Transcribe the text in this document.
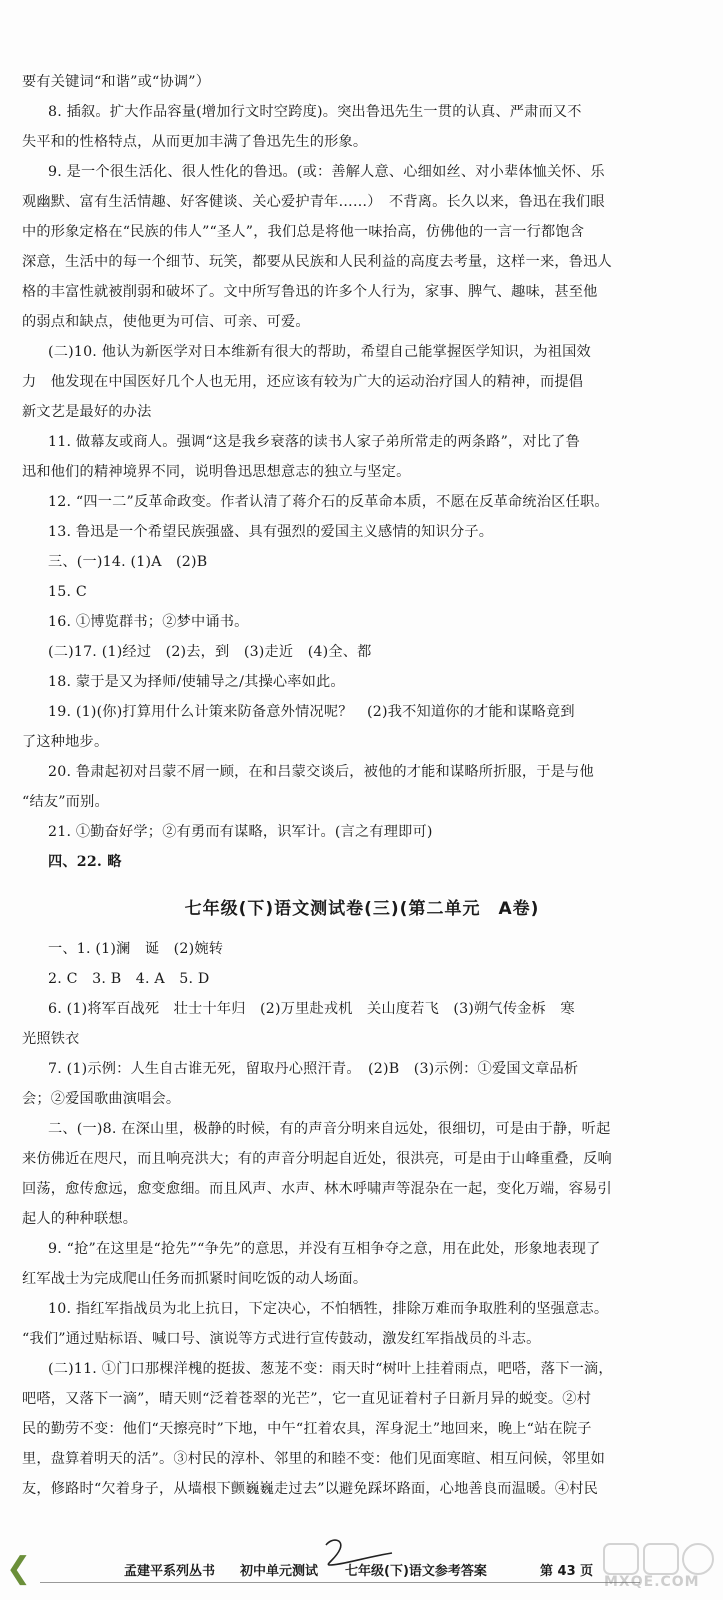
要有关键词“和谐”或“协调”）
8. 插叙。扩大作品容量(增加行文时空跨度)。突出鲁迅先生一贯的认真、严肃而又不
失平和的性格特点，从而更加丰满了鲁迅先生的形象。
9. 是一个很生活化、很人性化的鲁迅。(或：善解人意、心细如丝、对小辈体恤关怀、乐
观幽默、富有生活情趣、好客健谈、关心爱护青年……）　不背离。长久以来，鲁迅在我们眼
中的形象定格在“民族的伟人”“圣人”，我们总是将他一味抬高，仿佛他的一言一行都饱含
深意，生活中的每一个细节、玩笑，都要从民族和人民利益的高度去考量，这样一来，鲁迅人
格的丰富性就被削弱和破坏了。文中所写鲁迅的许多个人行为，家事、脾气、趣味，甚至他
的弱点和缺点，使他更为可信、可亲、可爱。
(二)10. 他认为新医学对日本维新有很大的帮助，希望自己能掌握医学知识，为祖国效
力　他发现在中国医好几个人也无用，还应该有较为广大的运动治疗国人的精神，而提倡
新文艺是最好的办法
11. 做幕友或商人。强调“这是我乡衰落的读书人家子弟所常走的两条路”，对比了鲁
迅和他们的精神境界不同，说明鲁迅思想意志的独立与坚定。
12. “四一二”反革命政变。作者认清了蒋介石的反革命本质，不愿在反革命统治区任职。
13. 鲁迅是一个希望民族强盛、具有强烈的爱国主义感情的知识分子。
三、(一)14. (1)A　(2)B
15. C
16. ①博览群书；②梦中诵书。
(二)17. (1)经过　(2)去，到　(3)走近　(4)全、都
18. 蒙于是又为择师/使辅导之/其操心率如此。
19. (1)(你)打算用什么计策来防备意外情况呢？　(2)我不知道你的才能和谋略竟到
了这种地步。
20. 鲁肃起初对吕蒙不屑一顾，在和吕蒙交谈后，被他的才能和谋略所折服，于是与他
“结友”而别。
21. ①勤奋好学；②有勇而有谋略，识军计。(言之有理即可)
四、22. 略
七年级(下)语文测试卷(三)(第二单元　A卷)
一、1. (1)澜　诞　(2)婉转
2. C　3. B　4. A　5. D
6. (1)将军百战死　壮士十年归　(2)万里赴戎机　关山度若飞　(3)朔气传金柝　寒
光照铁衣
7. (1)示例：人生自古谁无死，留取丹心照汗青。　(2)B　(3)示例：①爱国文章品析
会；②爱国歌曲演唱会。
二、(一)8. 在深山里，极静的时候，有的声音分明来自远处，很细切，可是由于静，听起
来仿佛近在咫尺，而且响亮洪大；有的声音分明起自近处，很洪亮，可是由于山峰重叠，反响
回荡，愈传愈远，愈变愈细。而且风声、水声、林木呼啸声等混杂在一起，变化万端，容易引
起人的种种联想。
9. “抢”在这里是“抢先”“争先”的意思，并没有互相争夺之意，用在此处，形象地表现了
红军战士为完成爬山任务而抓紧时间吃饭的动人场面。
10. 指红军指战员为北上抗日，下定决心，不怕牺牲，排除万难而争取胜利的坚强意志。
“我们”通过贴标语、喊口号、演说等方式进行宣传鼓动，激发红军指战员的斗志。
(二)11. ①门口那棵洋槐的挺拔、葱茏不变：雨天时“树叶上挂着雨点，吧嗒，落下一滴，
吧嗒，又落下一滴”，晴天则“泛着苍翠的光芒”，它一直见证着村子日新月异的蜕变。②村
民的勤劳不变：他们“天擦亮时”下地，中午“扛着农具，浑身泥土”地回来，晚上“站在院子
里，盘算着明天的活”。③村民的淳朴、邻里的和睦不变：他们见面寒暄、相互问候，邻里如
友，修路时“欠着身子，从墙根下颤巍巍走过去”以避免踩坏路面，心地善良而温暖。④村民
❮	孟建平系列丛书 初中单元测试 七年级(下)语文参考答案	第 43 页
MXQE.COM
